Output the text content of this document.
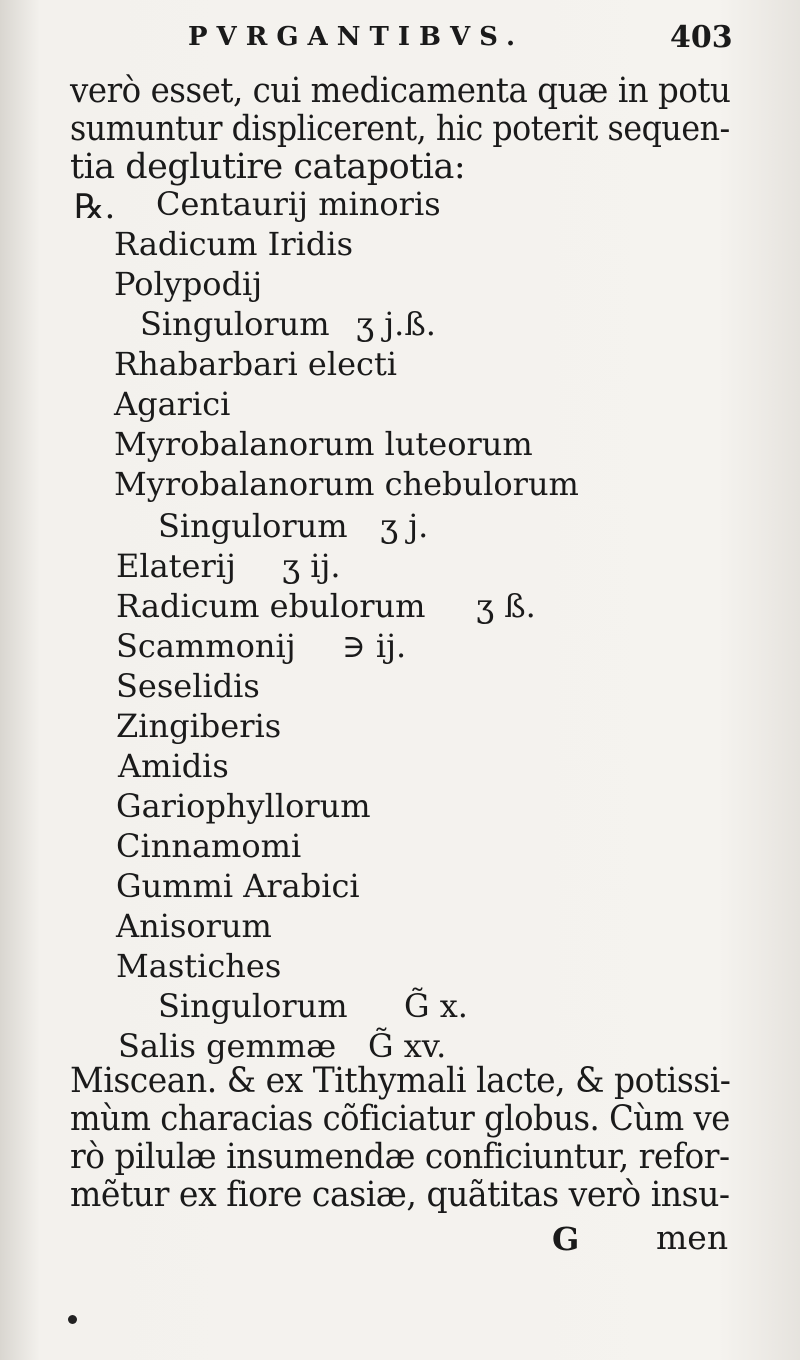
PVRGANTIBVS.	403
verò esset, cui medicamenta quæ in potu
sumuntur displicerent, hic poterit sequen-
tia deglutire catapotia:
℞. Centaurij minoris
Radicum Iridis
Polypodij
Singulorum ʒ j.ß.
Rhabarbari electi
Agarici
Myrobalanorum luteorum
Myrobalanorum chebulorum
Singulorum ʒ j.
Elaterij ʒ ij.
Radicum ebulorum ʒ ß.
Scammonij ∋ ij.
Seselidis
Zingiberis
Amidis
Gariophyllorum
Cinnamomi
Gummi Arabici
Anisorum
Mastiches
Singulorum G̃ x.
Salis gemmæ G̃ xv.
Miscean. & ex Tithymali lacte, & potissi-
mùm characias cõficiatur globus. Cùm ve
rò pilulæ insumendæ conficiuntur, refor-
mẽtur ex fiore casiæ, quãtitas verò insu-
G men
